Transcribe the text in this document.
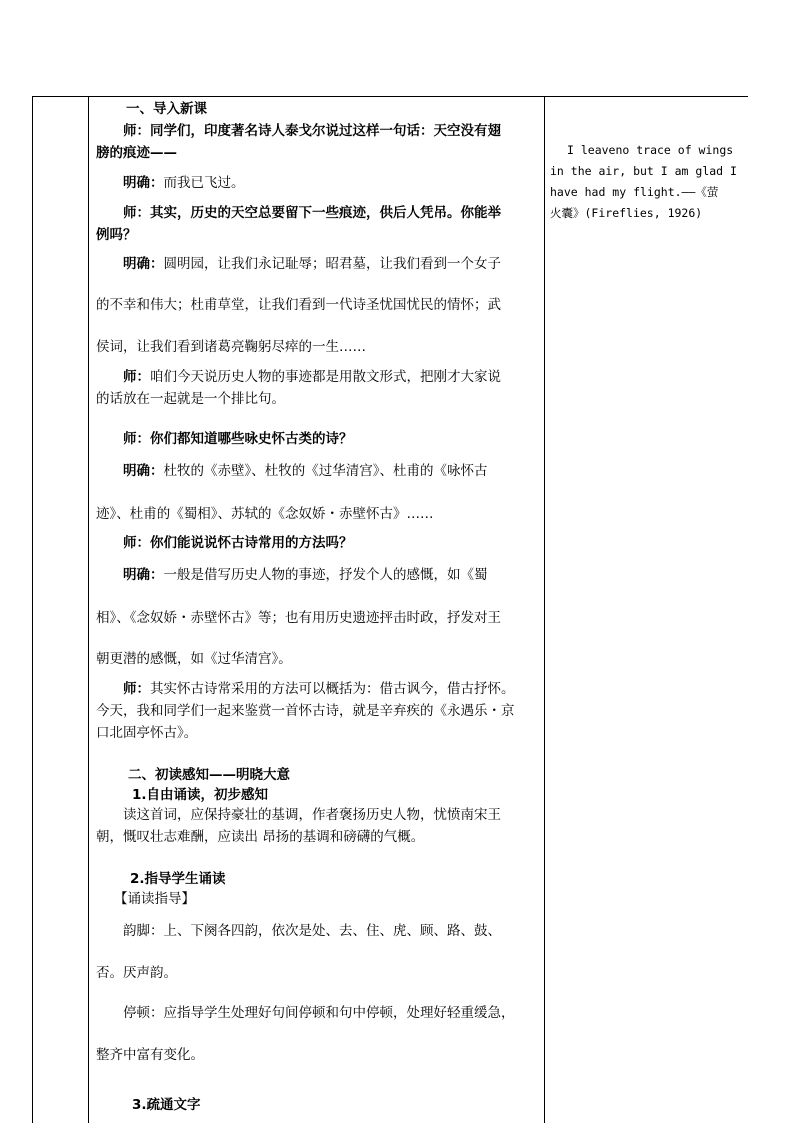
一、导入新课
师：同学们，印度著名诗人泰戈尔说过这样一句话：天空没有翅
膀的痕迹——
明确：而我已飞过。
师：其实，历史的天空总要留下一些痕迹，供后人凭吊。你能举
例吗？
明确：圆明园，让我们永记耻辱；昭君墓，让我们看到一个女子
的不幸和伟大；杜甫草堂，让我们看到一代诗圣忧国忧民的情怀；武
侯词，让我们看到诸葛亮鞠躬尽瘁的一生……
师：咱们今天说历史人物的事迹都是用散文形式，把刚才大家说
的话放在一起就是一个排比句。
师：你们都知道哪些咏史怀古类的诗？
明确：杜牧的《赤壁》、杜牧的《过华清宫》、杜甫的《咏怀古
迹》、杜甫的《蜀相》、苏轼的《念奴娇・赤壁怀古》……
师：你们能说说怀古诗常用的方法吗？
明确：一般是借写历史人物的事迹，抒发个人的感慨，如《蜀
相》、《念奴娇・赤壁怀古》等；也有用历史遗迹抨击时政，抒发对王
朝更潜的感慨，如《过华清宫》。
师：其实怀古诗常采用的方法可以概括为：借古讽今，借古抒怀。
今天，我和同学们一起来鉴赏一首怀古诗，就是辛弃疾的《永遇乐・京
口北固亭怀古》。
二、初读感知——明晓大意
1.自由诵读，初步感知
读这首词，应保持豪壮的基调，作者褒扬历史人物，忧愤南宋王
朝，慨叹壮志难酬，应读出 昂扬的基调和磅礴的气概。
2.指导学生诵读
【诵读指导】
韵脚：上、下阕各四韵，依次是处、去、住、虎、顾、路、鼓、
否。厌声韵。
停顿：应指导学生处理好句间停顿和句中停顿，处理好轻重缓急，
整齐中富有变化。
3.疏通文字
I leaveno trace of wings
in the air, but I am glad I
have had my flight.——《萤
火囊》(Fireflies, 1926)
